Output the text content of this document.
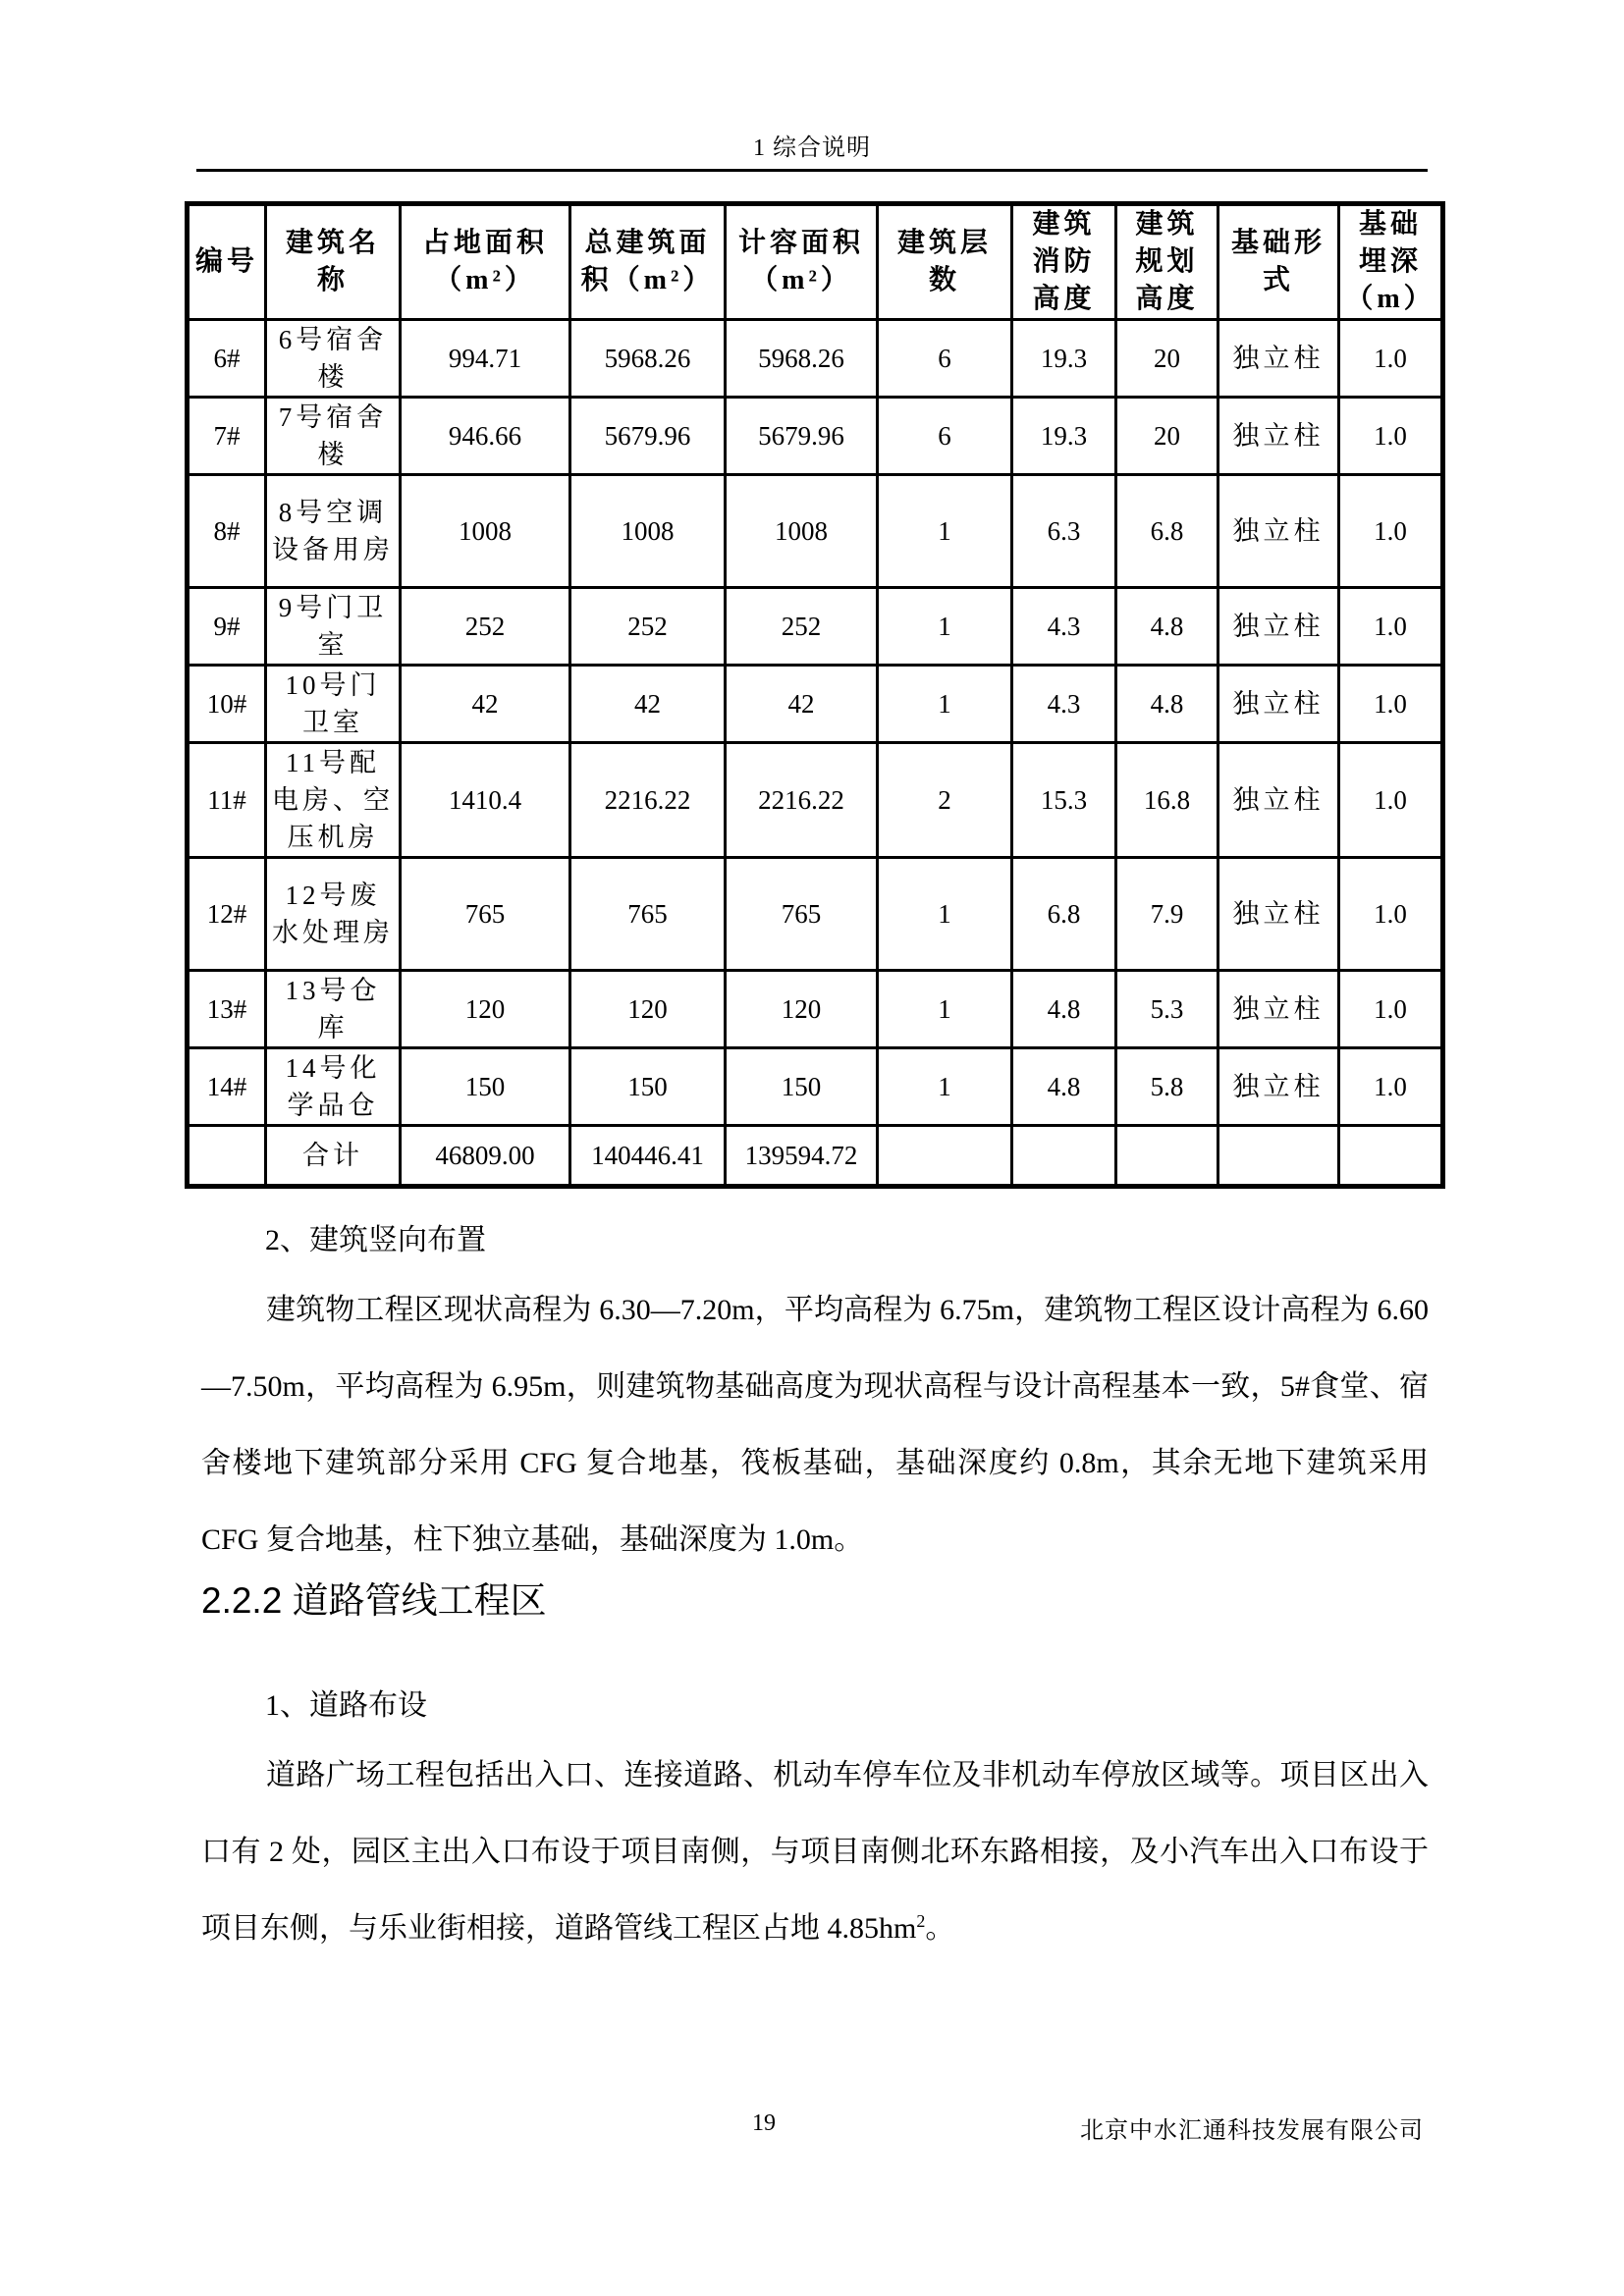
1 综合说明
编号	建筑名称	占地面积（m²）	总建筑面积（m²）	计容面积（m²）	建筑层数	建筑消防高度	建筑规划高度	基础形式	基础埋深（m）
6#	6号宿舍楼	994.71	5968.26	5968.26	6	19.3	20	独立柱	1.0
7#	7号宿舍楼	946.66	5679.96	5679.96	6	19.3	20	独立柱	1.0
8#	8号空调设备用房	1008	1008	1008	1	6.3	6.8	独立柱	1.0
9#	9号门卫室	252	252	252	1	4.3	4.8	独立柱	1.0
10#	10号门卫室	42	42	42	1	4.3	4.8	独立柱	1.0
11#	11号配电房、空压机房	1410.4	2216.22	2216.22	2	15.3	16.8	独立柱	1.0
12#	12号废水处理房	765	765	765	1	6.8	7.9	独立柱	1.0
13#	13号仓库	120	120	120	1	4.8	5.3	独立柱	1.0
14#	14号化学品仓	150	150	150	1	4.8	5.8	独立柱	1.0
	合计	46809.00	140446.41	139594.72					
2、建筑竖向布置

建筑物工程区现状高程为 6.30—7.20m，平均高程为 6.75m，建筑物工程区设计高程为 6.60—7.50m，平均高程为 6.95m，则建筑物基础高度为现状高程与设计高程基本一致，5#食堂、宿舍楼地下建筑部分采用 CFG 复合地基，筏板基础，基础深度约 0.8m，其余无地下建筑采用 CFG 复合地基，柱下独立基础，基础深度为 1.0m。

2.2.2 道路管线工程区
1、道路布设

道路广场工程包括出入口、连接道路、机动车停车位及非机动车停放区域等。项目区出入口有 2 处，园区主出入口布设于项目南侧，与项目南侧北环东路相接，及小汽车出入口布设于项目东侧，与乐业街相接，道路管线工程区占地 $4.85hm^2$。

19	北京中水汇通科技发展有限公司
